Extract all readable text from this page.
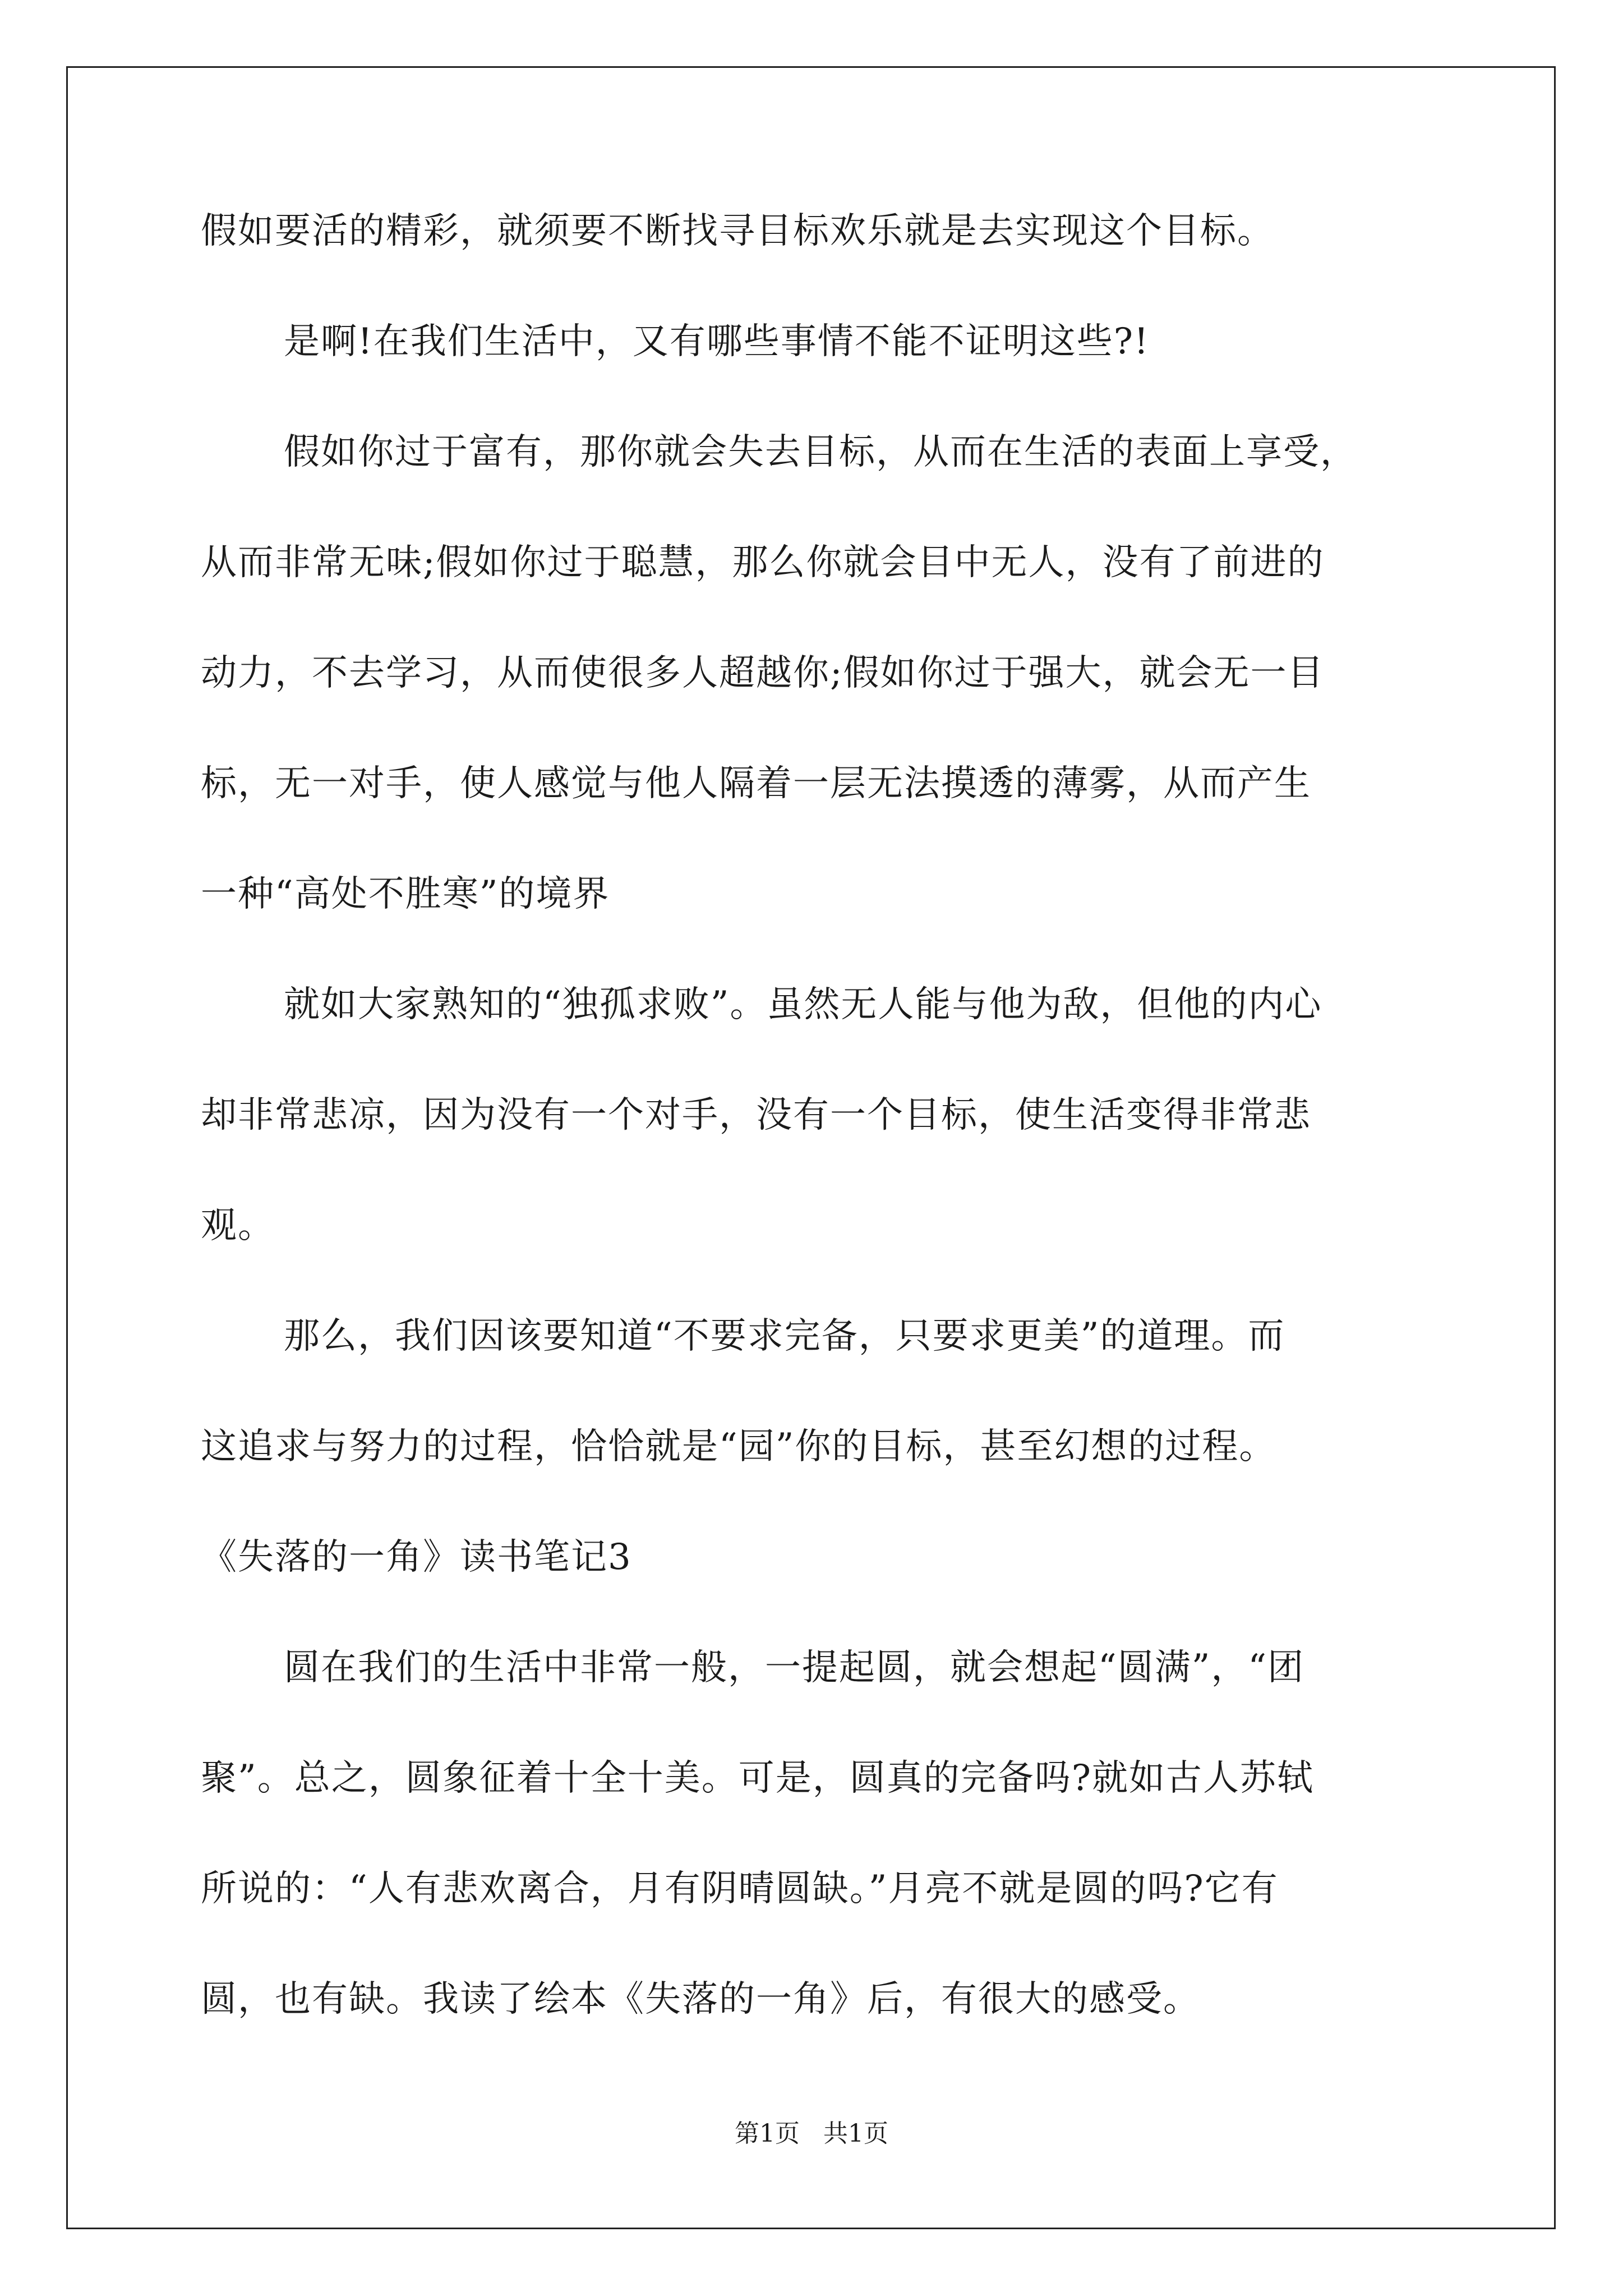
假如要活的精彩，就须要不断找寻目标欢乐就是去实现这个目标。
是啊!在我们生活中，又有哪些事情不能不证明这些?!
假如你过于富有，那你就会失去目标，从而在生活的表面上享受，
从而非常无味;假如你过于聪慧，那么你就会目中无人，没有了前进的
动力，不去学习，从而使很多人超越你;假如你过于强大，就会无一目
标，无一对手，使人感觉与他人隔着一层无法摸透的薄雾，从而产生
一种“高处不胜寒”的境界
就如大家熟知的“独孤求败”。虽然无人能与他为敌，但他的内心
却非常悲凉，因为没有一个对手，没有一个目标，使生活变得非常悲
观。
那么，我们因该要知道“不要求完备，只要求更美”的道理。而
这追求与努力的过程，恰恰就是“园”你的目标，甚至幻想的过程。
《失落的一角》读书笔记3
圆在我们的生活中非常一般，一提起圆，就会想起“圆满”，“团
聚”。总之，圆象征着十全十美。可是，圆真的完备吗?就如古人苏轼
所说的：“人有悲欢离合，月有阴晴圆缺。”月亮不就是圆的吗?它有
圆，也有缺。我读了绘本《失落的一角》后，有很大的感受。
第1页   共1页
